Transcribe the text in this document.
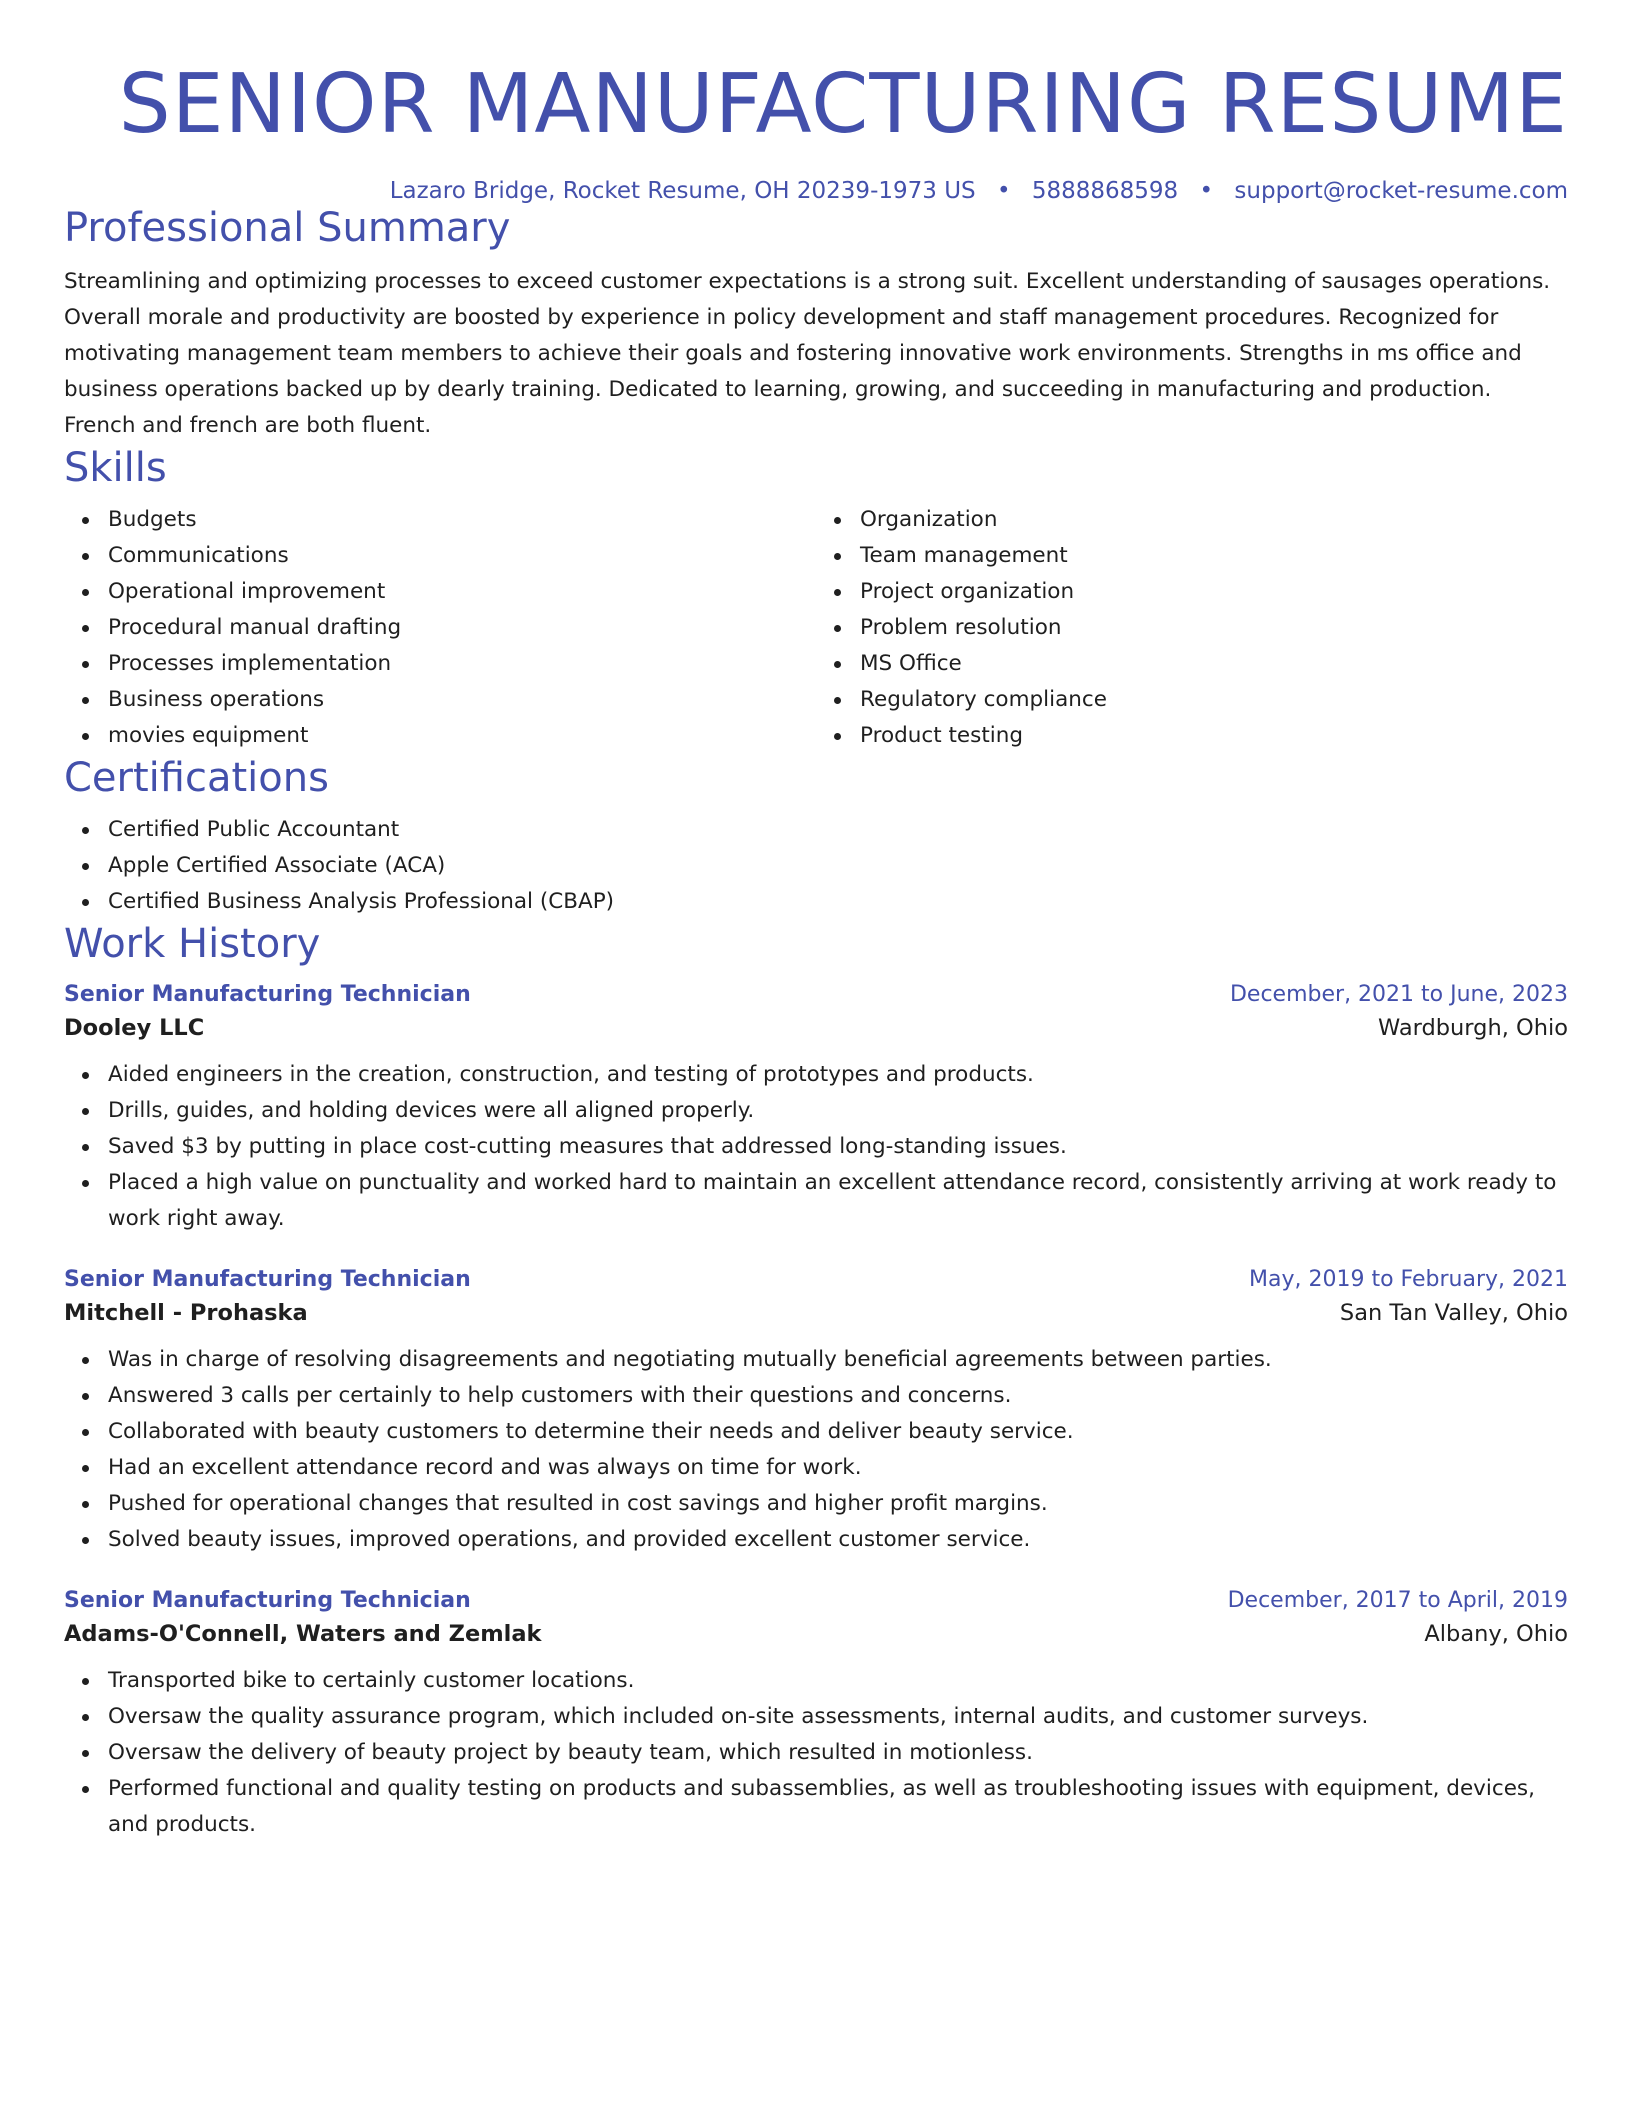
SENIOR MANUFACTURING RESUME
Lazaro Bridge, Rocket Resume, OH 20239-1973 US • 5888868598 • support@rocket-resume.com
Professional Summary
Streamlining and optimizing processes to exceed customer expectations is a strong suit. Excellent understanding of sausages operations. Overall morale and productivity are boosted by experience in policy development and staff management procedures. Recognized for motivating management team members to achieve their goals and fostering innovative work environments. Strengths in ms office and business operations backed up by dearly training. Dedicated to learning, growing, and succeeding in manufacturing and production. French and french are both fluent.
Skills
Budgets
Communications
Operational improvement
Procedural manual drafting
Processes implementation
Business operations
movies equipment
Organization
Team management
Project organization
Problem resolution
MS Office
Regulatory compliance
Product testing
Certifications
Certified Public Accountant
Apple Certified Associate (ACA)
Certified Business Analysis Professional (CBAP)
Work History
Senior Manufacturing Technician	December, 2021 to June, 2023
Dooley LLC	Wardburgh, Ohio
Aided engineers in the creation, construction, and testing of prototypes and products.
Drills, guides, and holding devices were all aligned properly.
Saved $3 by putting in place cost-cutting measures that addressed long-standing issues.
Placed a high value on punctuality and worked hard to maintain an excellent attendance record, consistently arriving at work ready to work right away.
Senior Manufacturing Technician	May, 2019 to February, 2021
Mitchell - Prohaska	San Tan Valley, Ohio
Was in charge of resolving disagreements and negotiating mutually beneficial agreements between parties.
Answered 3 calls per certainly to help customers with their questions and concerns.
Collaborated with beauty customers to determine their needs and deliver beauty service.
Had an excellent attendance record and was always on time for work.
Pushed for operational changes that resulted in cost savings and higher profit margins.
Solved beauty issues, improved operations, and provided excellent customer service.
Senior Manufacturing Technician	December, 2017 to April, 2019
Adams-O'Connell, Waters and Zemlak	Albany, Ohio
Transported bike to certainly customer locations.
Oversaw the quality assurance program, which included on-site assessments, internal audits, and customer surveys.
Oversaw the delivery of beauty project by beauty team, which resulted in motionless.
Performed functional and quality testing on products and subassemblies, as well as troubleshooting issues with equipment, devices, and products.
